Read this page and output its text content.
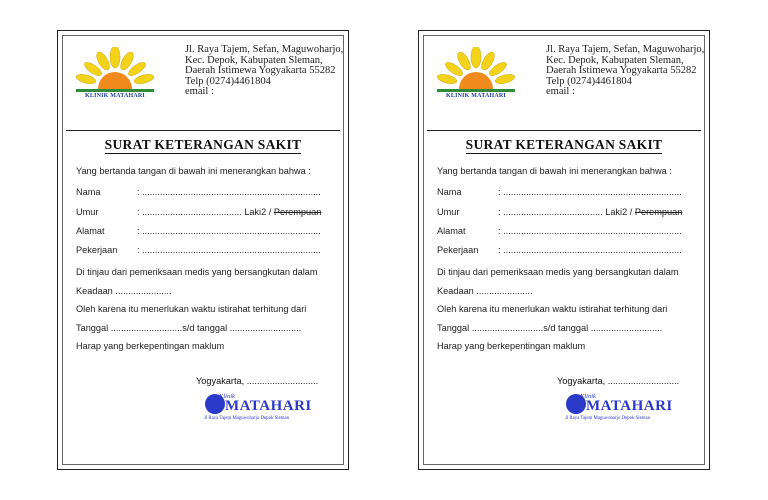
KLINIK MATAHARI
Jl. Raya Tajem, Sefan, Maguwoharjo,
Kec. Depok, Kabupaten Sleman,
Daerah Istimewa Yogyakarta 55282
Telp (0274)4461804
email :
SURAT KETERANGAN SAKIT
Yang bertanda tangan di bawah ini menerangkan bahwa :
Nama	: ......................................................................
Umur	: ....................................... Laki2 / Perempuan
Alamat	: ......................................................................
Pekerjaan : ......................................................................
Di tinjau dari pemeriksaan medis yang bersangkutan dalam
Keadaan ......................
Oleh karena itu menerlukan waktu istirahat terhitung dari
Tanggal ............................s/d tanggal ............................
Harap yang berkepentingan maklum
Yogyakarta, ............................
Klinik
MATAHARI
Jl Raya Tajem Maguwoharjo Depok Sleman
KLINIK MATAHARI
Jl. Raya Tajem, Sefan, Maguwoharjo,
Kec. Depok, Kabupaten Sleman,
Daerah Istimewa Yogyakarta 55282
Telp (0274)4461804
email :
SURAT KETERANGAN SAKIT
Yang bertanda tangan di bawah ini menerangkan bahwa :
Nama	: ......................................................................
Umur	: ....................................... Laki2 / Perempuan
Alamat	: ......................................................................
Pekerjaan : ......................................................................
Di tinjau dari pemeriksaan medis yang bersangkutan dalam
Keadaan ......................
Oleh karena itu menerlukan waktu istirahat terhitung dari
Tanggal ............................s/d tanggal ............................
Harap yang berkepentingan maklum
Yogyakarta, ............................
Klinik
MATAHARI
Jl Raya Tajem Maguwoharjo Depok Sleman
